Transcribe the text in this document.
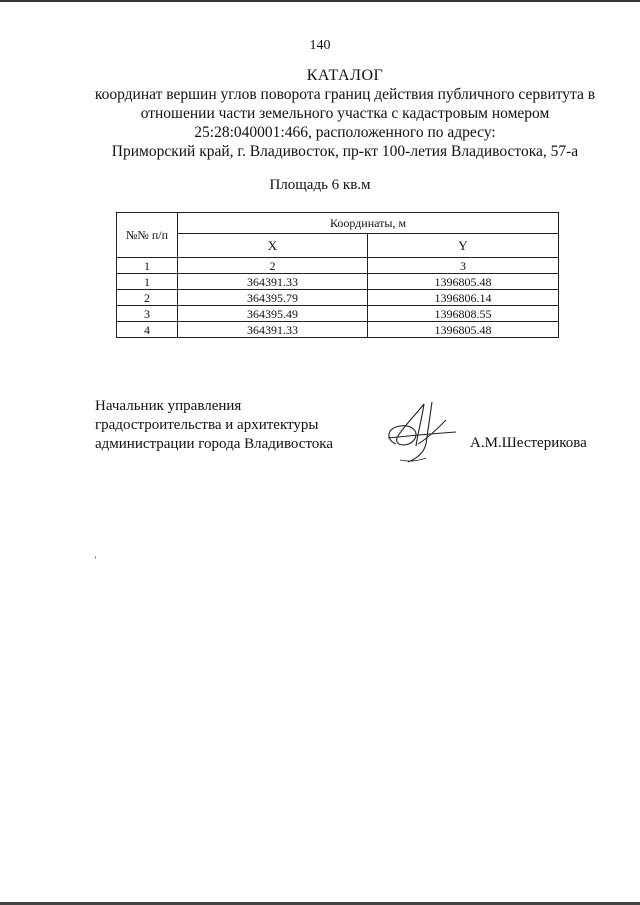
140
КАТАЛОГ
координат вершин углов поворота границ действия публичного сервитута в
отношении части земельного участка с кадастровым номером
25:28:040001:466, расположенного по адресу:
Приморский край, г. Владивосток, пр-кт 100-летия Владивостока, 57-а
Площадь 6 кв.м
№№ п/п	Координаты, м	
	X	Y
1	2	3
1	364391.33	1396805.48
2	364395.79	1396806.14
3	364395.49	1396808.55
4	364391.33	1396805.48
Начальник управления
градостроительства и архитектуры
администрации города Владивостока	А.М.Шестерикова
